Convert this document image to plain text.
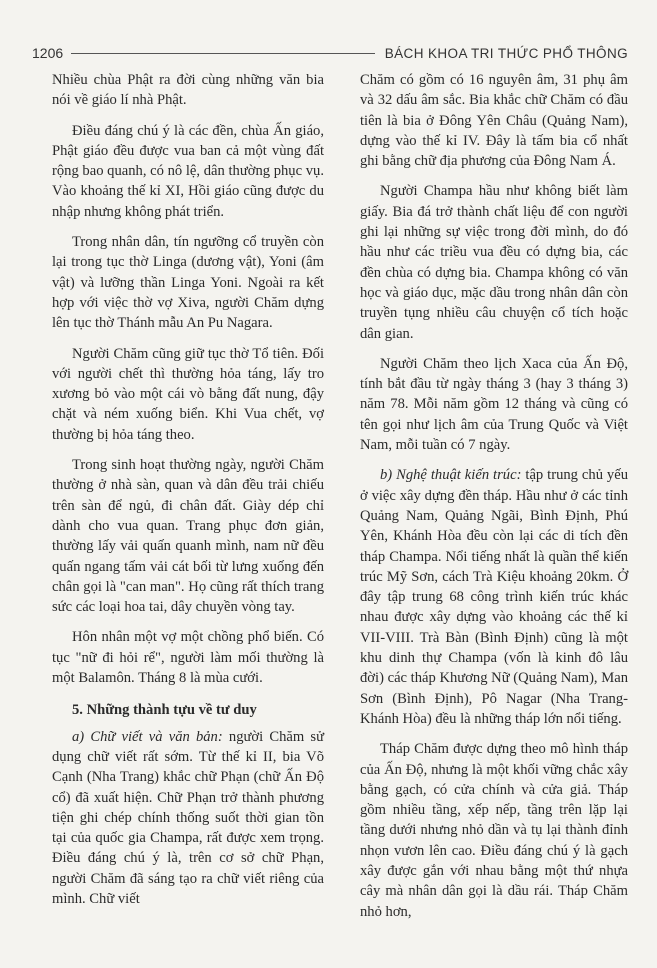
1206	BÁCH KHOA TRI THỨC PHỔ THÔNG

Nhiều chùa Phật ra đời cùng những văn bia nói về giáo lí nhà Phật.

Điều đáng chú ý là các đền, chùa Ấn giáo, Phật giáo đều được vua ban cả một vùng đất rộng bao quanh, có nô lệ, dân thường phục vụ. Vào khoảng thế kỉ XI, Hồi giáo cũng được du nhập nhưng không phát triển.

Trong nhân dân, tín ngưỡng cổ truyền còn lại trong tục thờ Linga (dương vật), Yoni (âm vật) và lưỡng thần Linga Yoni. Ngoài ra kết hợp với việc thờ vợ Xiva, người Chăm dựng lên tục thờ Thánh mẫu An Pu Nagara.

Người Chăm cũng giữ tục thờ Tổ tiên. Đối với người chết thì thường hỏa táng, lấy tro xương bỏ vào một cái vò bằng đất nung, đậy chặt và ném xuống biển. Khi Vua chết, vợ thường bị hỏa táng theo.

Trong sinh hoạt thường ngày, người Chăm thường ở nhà sàn, quan và dân đều trải chiếu trên sàn để ngủ, đi chân đất. Giày dép chỉ dành cho vua quan. Trang phục đơn giản, thường lấy vải quấn quanh mình, nam nữ đều quấn ngang tấm vải cát bối từ lưng xuống đến chân gọi là "can man". Họ cũng rất thích trang sức các loại hoa tai, dây chuyền vòng tay.

Hôn nhân một vợ một chồng phổ biến. Có tục "nữ đi hỏi rể", người làm mối thường là một Balamôn. Tháng 8 là mùa cưới.

5. Những thành tựu về tư duy

a) Chữ viết và văn bản: người Chăm sử dụng chữ viết rất sớm. Từ thế kỉ II, bia Võ Cạnh (Nha Trang) khắc chữ Phạn (chữ Ấn Độ cổ) đã xuất hiện. Chữ Phạn trở thành phương tiện ghi chép chính thống suốt thời gian tồn tại của quốc gia Champa, rất được xem trọng. Điều đáng chú ý là, trên cơ sở chữ Phạn, người Chăm đã sáng tạo ra chữ viết riêng của mình. Chữ viết

Chăm có gồm có 16 nguyên âm, 31 phụ âm và 32 dấu âm sắc. Bia khắc chữ Chăm có đầu tiên là bia ở Đông Yên Châu (Quảng Nam), dựng vào thế kỉ IV. Đây là tấm bia cổ nhất ghi bằng chữ địa phương của Đông Nam Á.

Người Champa hầu như không biết làm giấy. Bia đá trở thành chất liệu để con người ghi lại những sự việc trong đời mình, do đó hầu như các triều vua đều có dựng bia, các đền chùa có dựng bia. Champa không có văn học và giáo dục, mặc dầu trong nhân dân còn truyền tụng nhiều câu chuyện cổ tích hoặc dân gian.

Người Chăm theo lịch Xaca của Ấn Độ, tính bắt đầu từ ngày tháng 3 (hay 3 tháng 3) năm 78. Mỗi năm gồm 12 tháng và cũng có tên gọi như lịch âm của Trung Quốc và Việt Nam, mỗi tuần có 7 ngày.

b) Nghệ thuật kiến trúc: tập trung chủ yếu ở việc xây dựng đền tháp. Hầu như ở các tỉnh Quảng Nam, Quảng Ngãi, Bình Định, Phú Yên, Khánh Hòa đều còn lại các di tích đền tháp Champa. Nổi tiếng nhất là quần thể kiến trúc Mỹ Sơn, cách Trà Kiệu khoảng 20km. Ở đây tập trung 68 công trình kiến trúc khác nhau được xây dựng vào khoảng các thế kỉ VII-VIII. Trà Bàn (Bình Định) cũng là một khu dinh thự Champa (vốn là kinh đô lâu đời) các tháp Khương Nữ (Quảng Nam), Man Sơn (Bình Định), Pô Nagar (Nha Trang-Khánh Hòa) đều là những tháp lớn nổi tiếng.

Tháp Chăm được dựng theo mô hình tháp của Ấn Độ, nhưng là một khối vững chắc xây bằng gạch, có cửa chính và cửa giả. Tháp gồm nhiều tầng, xếp nếp, tầng trên lặp lại tầng dưới nhưng nhỏ dần và tụ lại thành đỉnh nhọn vươn lên cao. Điều đáng chú ý là gạch xây được gắn với nhau bằng một thứ nhựa cây mà nhân dân gọi là dầu rái. Tháp Chăm nhỏ hơn,
